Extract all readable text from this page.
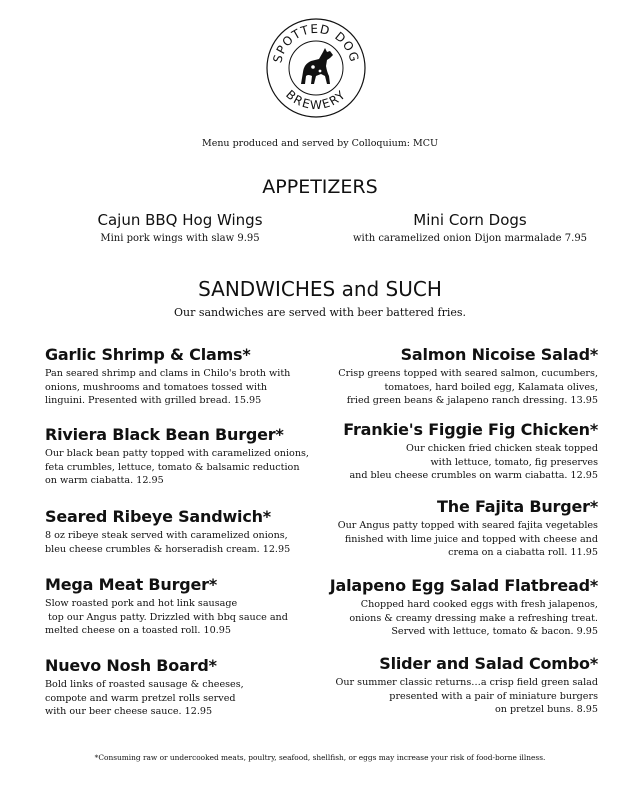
SPOTTED DOG
BREWERY
Menu produced and served by Colloquium: MCU
APPETIZERS
Cajun BBQ Hog Wings
Mini pork wings with slaw 9.95
Mini Corn Dogs
with caramelized onion Dijon marmalade 7.95
SANDWICHES and SUCH
Our sandwiches are served with beer battered fries.
Garlic Shrimp & Clams*
Pan seared shrimp and clams in Chilo's broth with
onions, mushrooms and tomatoes tossed with
linguini. Presented with grilled bread. 15.95
Riviera Black Bean Burger*
Our black bean patty topped with caramelized onions,
feta crumbles, lettuce, tomato & balsamic reduction
on warm ciabatta. 12.95
Seared Ribeye Sandwich*
8 oz ribeye steak served with caramelized onions,
bleu cheese crumbles & horseradish cream. 12.95
Mega Meat Burger*
Slow roasted pork and hot link sausage
top our Angus patty. Drizzled with bbq sauce and
melted cheese on a toasted roll. 10.95
Nuevo Nosh Board*
Bold links of roasted sausage & cheeses,
compote and warm pretzel rolls served
with our beer cheese sauce. 12.95
Salmon Nicoise Salad*
Crisp greens topped with seared salmon, cucumbers,
tomatoes, hard boiled egg, Kalamata olives,
fried green beans & jalapeno ranch dressing. 13.95
Frankie's Figgie Fig Chicken*
Our chicken fried chicken steak topped
with lettuce, tomato, fig preserves
and bleu cheese crumbles on warm ciabatta. 12.95
The Fajita Burger*
Our Angus patty topped with seared fajita vegetables
finished with lime juice and topped with cheese and
crema on a ciabatta roll. 11.95
Jalapeno Egg Salad Flatbread*
Chopped hard cooked eggs with fresh jalapenos,
onions & creamy dressing make a refreshing treat.
Served with lettuce, tomato & bacon. 9.95
Slider and Salad Combo*
Our summer classic returns…a crisp field green salad
presented with a pair of miniature burgers
on pretzel buns. 8.95
*Consuming raw or undercooked meats, poultry, seafood, shellfish, or eggs may increase your risk of food-borne illness.
